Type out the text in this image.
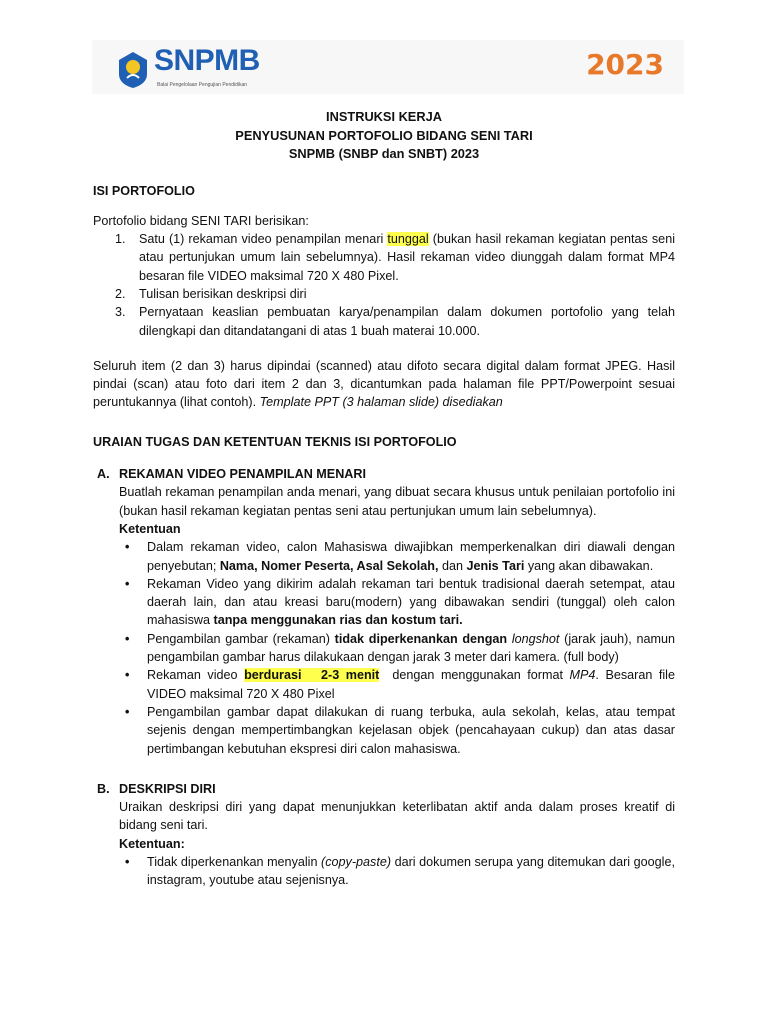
SNPMB
Balai Pengelolaan Pengujian Pendidikan
2023
INSTRUKSI KERJA
PENYUSUNAN PORTOFOLIO BIDANG SENI TARI
SNPMB (SNBP dan SNBT) 2023
ISI PORTOFOLIO

Portofolio bidang SENI TARI berisikan:

1. Satu (1) rekaman video penampilan menari tunggal (bukan hasil rekaman kegiatan pentas seni atau pertunjukan umum lain sebelumnya). Hasil rekaman video diunggah dalam format MP4 besaran file VIDEO maksimal 720 X 480 Pixel.
2. Tulisan berisikan deskripsi diri
3. Pernyataan keaslian pembuatan karya/penampilan dalam dokumen portofolio yang telah dilengkapi dan ditandatangani di atas 1 buah materai 10.000.

Seluruh item (2 dan 3) harus dipindai (scanned) atau difoto secara digital dalam format JPEG. Hasil pindai (scan) atau foto dari item 2 dan 3, dicantumkan pada halaman file PPT/Powerpoint sesuai peruntukannya (lihat contoh). Template PPT (3 halaman slide) disediakan

URAIAN TUGAS DAN KETENTUAN TEKNIS ISI PORTOFOLIO
A. REKAMAN VIDEO PENAMPILAN MENARI

Buatlah rekaman penampilan anda menari, yang dibuat secara khusus untuk penilaian portofolio ini (bukan hasil rekaman kegiatan pentas seni atau pertunjukan umum lain sebelumnya).

Ketentuan
• Dalam rekaman video, calon Mahasiswa diwajibkan memperkenalkan diri diawali dengan penyebutan; Nama, Nomer Peserta, Asal Sekolah, dan Jenis Tari yang akan dibawakan.
• Rekaman Video yang dikirim adalah rekaman tari bentuk tradisional daerah setempat, atau daerah lain, dan atau kreasi baru(modern) yang dibawakan sendiri (tunggal) oleh calon mahasiswa tanpa menggunakan rias dan kostum tari.
• Pengambilan gambar (rekaman) tidak diperkenankan dengan longshot (jarak jauh), namun pengambilan gambar harus dilakukaan dengan jarak 3 meter dari kamera. (full body)
• Rekaman video berdurasi   2-3 menit  dengan menggunakan format MP4. Besaran file VIDEO maksimal 720 X 480 Pixel
• Pengambilan gambar dapat dilakukan di ruang terbuka, aula sekolah, kelas, atau tempat sejenis dengan mempertimbangkan kejelasan objek (pencahayaan cukup) dan atas dasar pertimbangan kebutuhan ekspresi diri calon mahasiswa.
B. DESKRIPSI DIRI

Uraikan deskripsi diri yang dapat menunjukkan keterlibatan aktif anda dalam proses kreatif di bidang seni tari.

Ketentuan:
• Tidak diperkenankan menyalin (copy-paste) dari dokumen serupa yang ditemukan dari google, instagram, youtube atau sejenisnya.
